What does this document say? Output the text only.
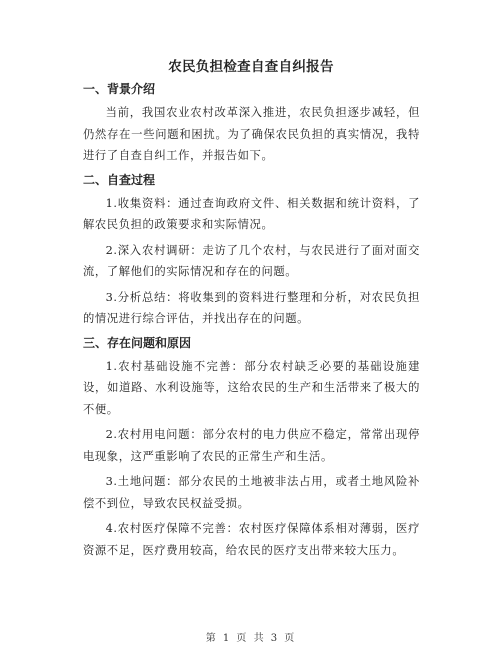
农民负担检查自查自纠报告
一、背景介绍

当前，我国农业农村改革深入推进，农民负担逐步减轻，但仍然存在一些问题和困扰。为了确保农民负担的真实情况，我特进行了自查自纠工作，并报告如下。

二、自查过程

1.收集资料：通过查询政府文件、相关数据和统计资料，了解农民负担的政策要求和实际情况。

2.深入农村调研：走访了几个农村，与农民进行了面对面交流，了解他们的实际情况和存在的问题。

3.分析总结：将收集到的资料进行整理和分析，对农民负担的情况进行综合评估，并找出存在的问题。

三、存在问题和原因

1.农村基础设施不完善：部分农村缺乏必要的基础设施建设，如道路、水利设施等，这给农民的生产和生活带来了极大的不便。

2.农村用电问题：部分农村的电力供应不稳定，常常出现停电现象，这严重影响了农民的正常生产和生活。

3.土地问题：部分农民的土地被非法占用，或者土地风险补偿不到位，导致农民权益受损。

4.农村医疗保障不完善：农村医疗保障体系相对薄弱，医疗资源不足，医疗费用较高，给农民的医疗支出带来较大压力。

第 1 页 共 3 页
